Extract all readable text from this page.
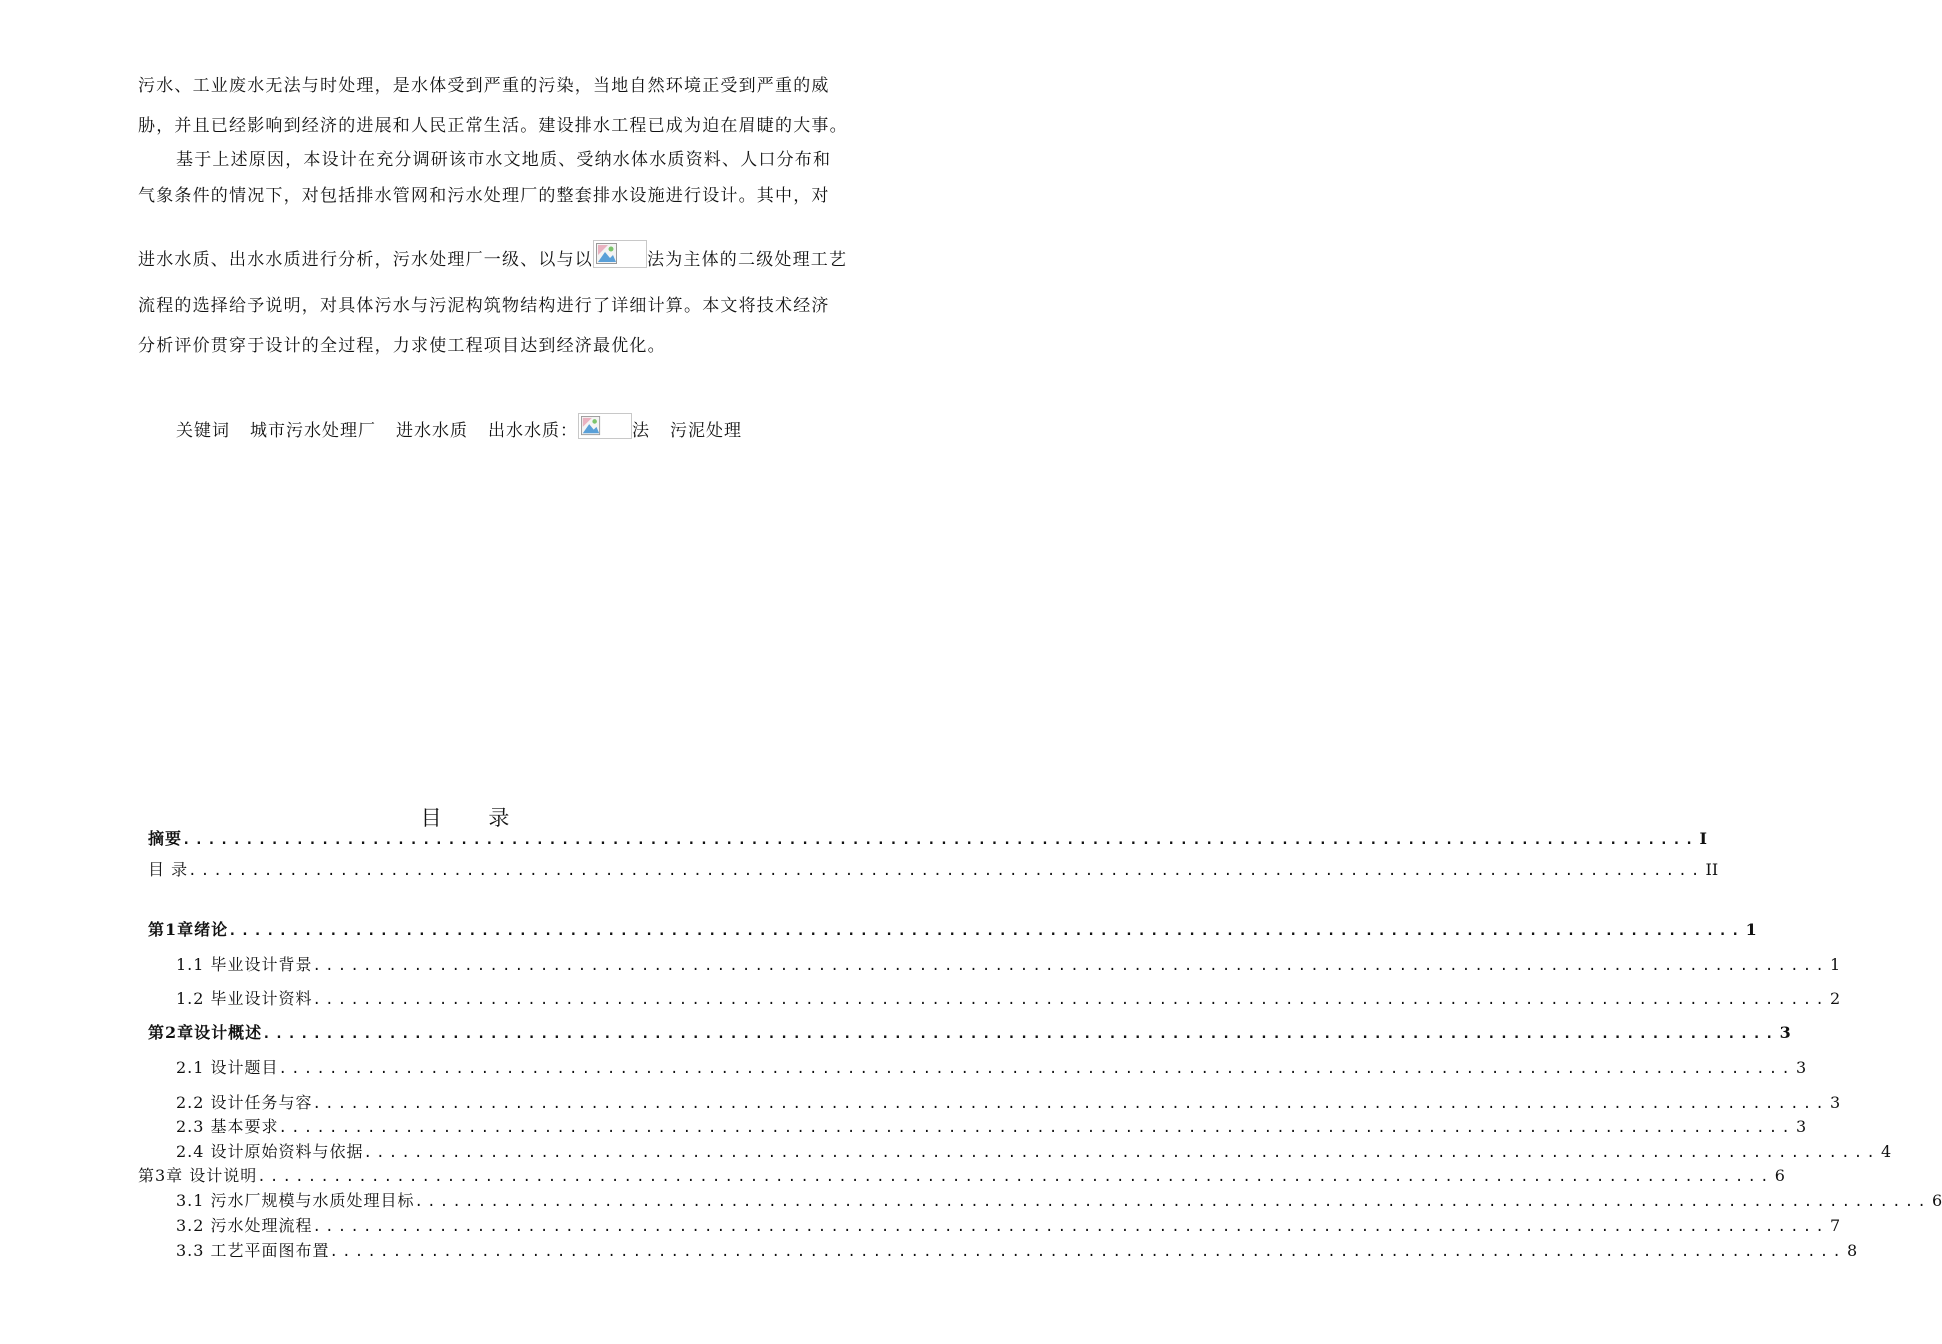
污水、工业废水无法与时处理，是水体受到严重的污染，当地自然环境正受到严重的威
胁，并且已经影响到经济的进展和人民正常生活。建设排水工程已成为迫在眉睫的大事。
基于上述原因，本设计在充分调研该市水文地质、受纳水体水质资料、人口分布和
气象条件的情况下，对包括排水管网和污水处理厂的整套排水设施进行设计。其中，对
进水水质、出水水质进行分析，污水处理厂一级、以与以	法为主体的二级处理工艺
流程的选择给予说明，对具体污水与污泥构筑物结构进行了详细计算。本文将技术经济
分析评价贯穿于设计的全过程，力求使工程项目达到经济最优化。
关键词 城市污水处理厂 进水水质 出水水质：	法 污泥处理
目 录
摘要 ........................................................................................................................ I
目 录 ........................................................................................................................ II
第1章绪论 ........................................................................................................................ 1
1.1 毕业设计背景 ........................................................................................................................ 1
1.2 毕业设计资料 ........................................................................................................................ 2
第2章设计概述 ........................................................................................................................ 3
2.1 设计题目 ........................................................................................................................ 3
2.2 设计任务与容 ........................................................................................................................ 3
2.3 基本要求 ........................................................................................................................ 3
2.4 设计原始资料与依据 ........................................................................................................................ 4
第3章 设计说明 ........................................................................................................................ 6
3.1 污水厂规模与水质处理目标 ........................................................................................................................ 6
3.2 污水处理流程 ........................................................................................................................ 7
3.3 工艺平面图布置 ........................................................................................................................ 8
